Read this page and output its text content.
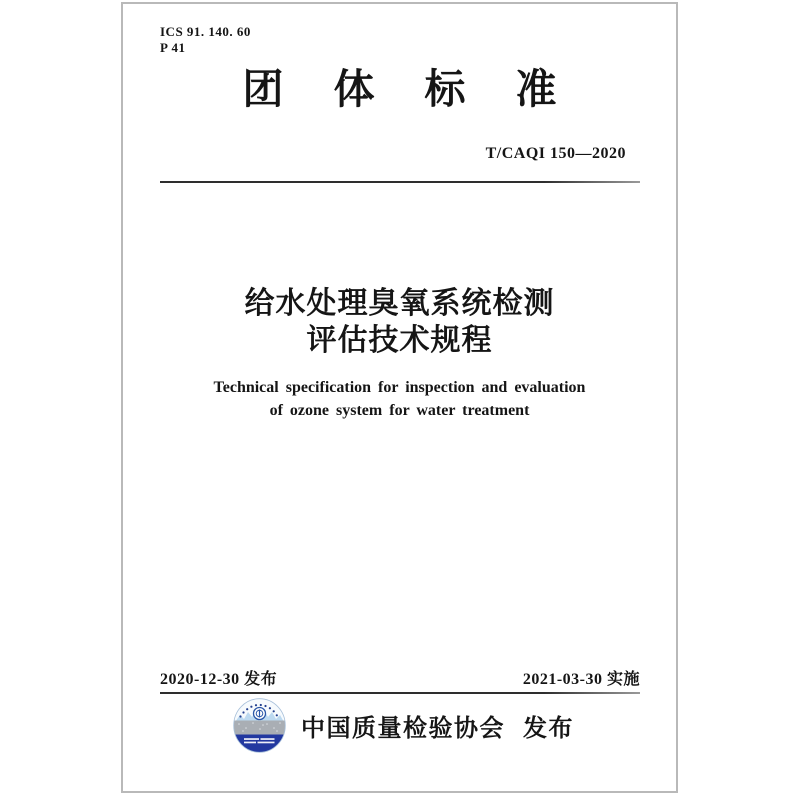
ICS 91. 140. 60
P 41
团体标准
T/CAQI 150—2020
给水处理臭氧系统检测
评估技术规程
Technical specification for inspection and evaluation
of ozone system for water treatment
2020-12-30 发布	2021-03-30 实施
中国质量检验协会 发布
